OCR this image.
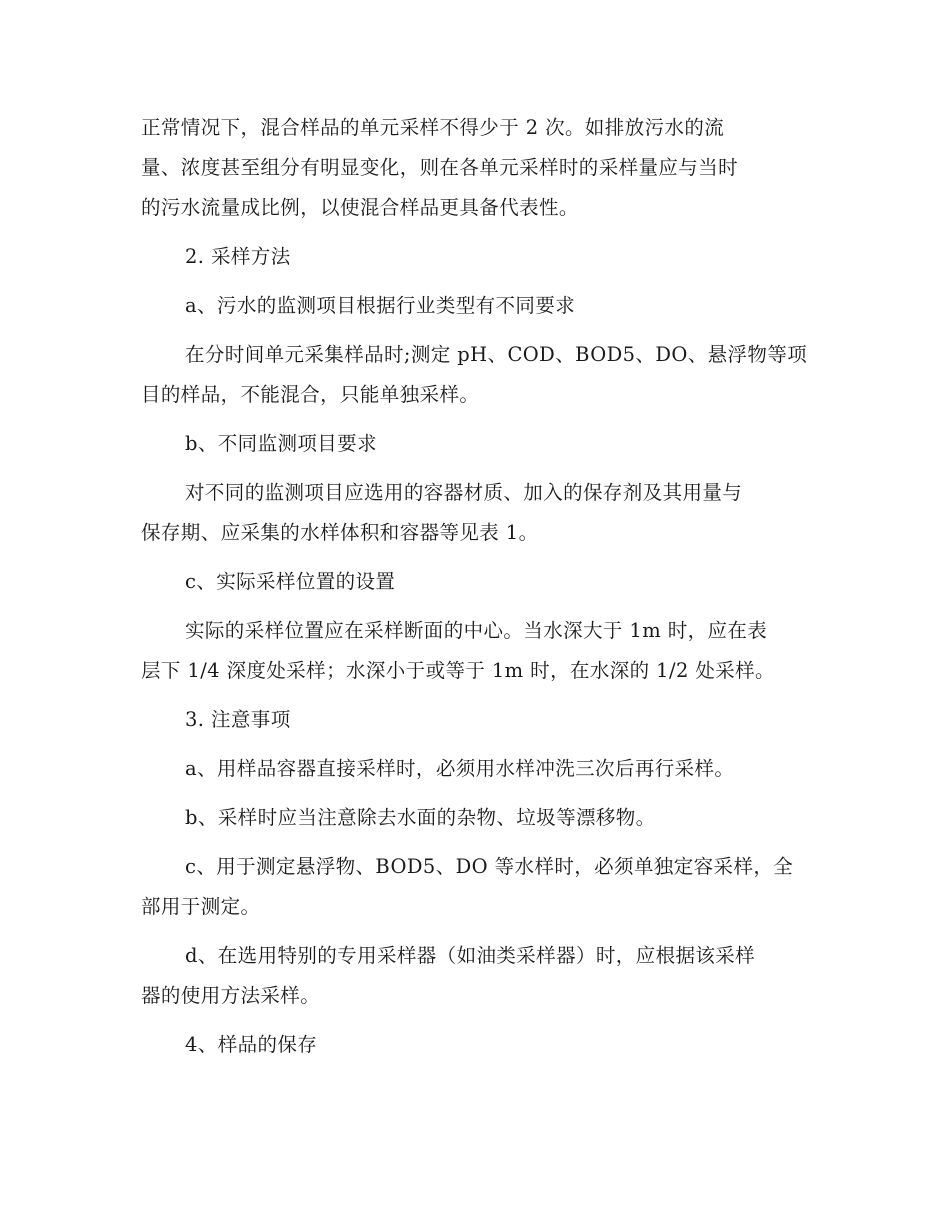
正常情况下，混合样品的单元采样不得少于 2 次。如排放污水的流
量、浓度甚至组分有明显变化，则在各单元采样时的采样量应与当时
的污水流量成比例，以使混合样品更具备代表性。

2. 采样方法

a、污水的监测项目根据行业类型有不同要求

在分时间单元采集样品时;测定 pH、COD、BOD5、DO、悬浮物等项
目的样品，不能混合，只能单独采样。

b、不同监测项目要求

对不同的监测项目应选用的容器材质、加入的保存剂及其用量与
保存期、应采集的水样体积和容器等见表 1。

c、实际采样位置的设置

实际的采样位置应在采样断面的中心。当水深大于 1m 时，应在表
层下 1/4 深度处采样；水深小于或等于 1m 时，在水深的 1/2 处采样。

3. 注意事项

a、用样品容器直接采样时，必须用水样冲洗三次后再行采样。

b、采样时应当注意除去水面的杂物、垃圾等漂移物。

c、用于测定悬浮物、BOD5、DO 等水样时，必须单独定容采样，全
部用于测定。

d、在选用特别的专用采样器（如油类采样器）时，应根据该采样
器的使用方法采样。

4、样品的保存
